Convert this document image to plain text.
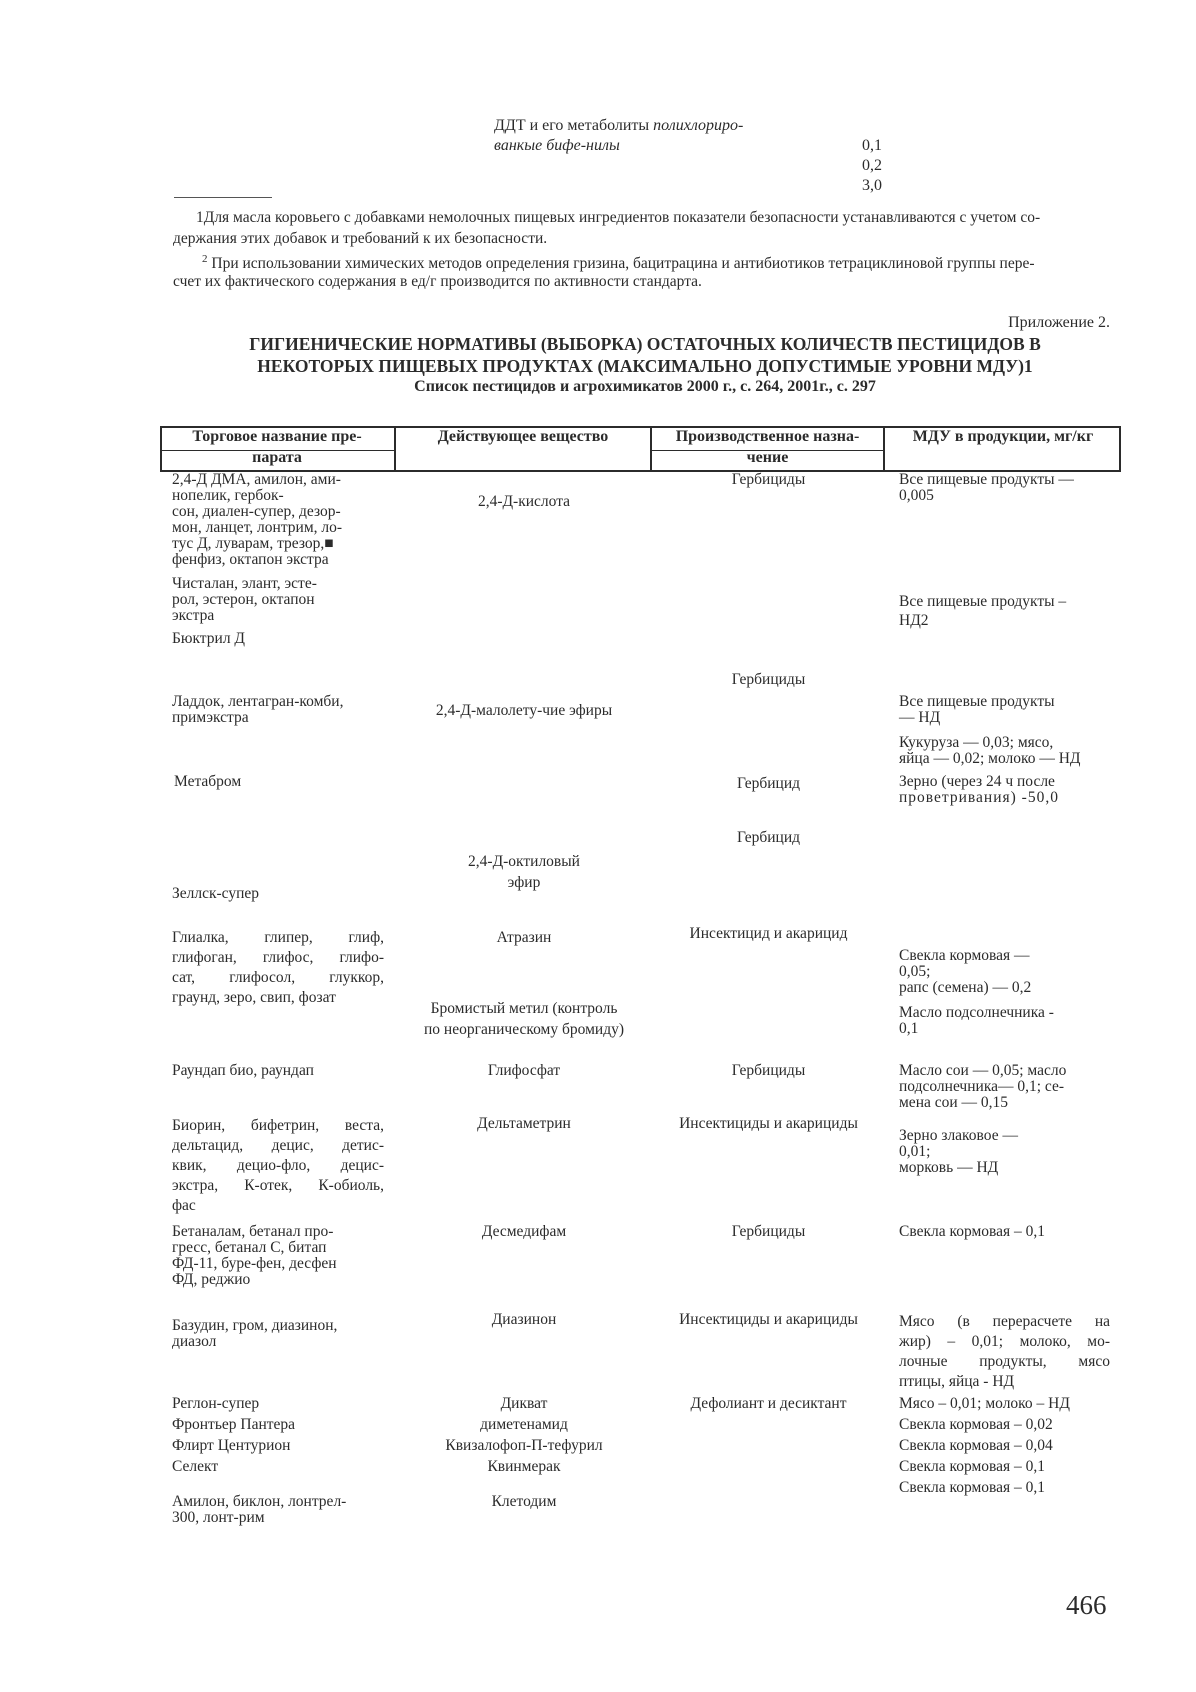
ДДТ и его метаболиты полихлориро-
ванкые бифе-нилы	0,1
0,2
3,0
1Для масла коровьего с добавками немолочных пищевых ингредиентов показатели безопасности устанавливаются с учетом со-
держания этих добавок и требований к их безопасности.
$^2$ При использовании химических методов определения гризина, бацитрацина и антибиотиков тетрациклиновой группы пере-
счет их фактического содержания в ед/г производится по активности стандарта.
Приложение 2.
ГИГИЕНИЧЕСКИЕ НОРМАТИВЫ (ВЫБОРКА) ОСТАТОЧНЫХ КОЛИЧЕСТВ ПЕСТИЦИДОВ В
НЕКОТОРЫХ ПИЩЕВЫХ ПРОДУКТАХ (МАКСИМАЛЬНО ДОПУСТИМЫЕ УРОВНИ МДУ)1
Список пестицидов и агрохимикатов 2000 г., с. 264, 2001г., с. 297
Торговое название пре-
парата
Действующее вещество	Производственное назна-
чение
МДУ в продукции, мг/кг
2,4-Д ДМА, амилон, ами-
нопелик, гербок-
сон, диален-супер, дезор-
мон, ланцет, лонтрим, ло-
тус Д, луварам, трезор,■
фенфиз, октапон экстра
Чисталан, элант, эсте-
рол, эстерон, октапон
экстра
Бюктрил Д
Ладдок, лентагран-комби,
примэкстра
Метабром
Зеллск-супер
Глиалка, глипер, глиф,
глифоган, глифос, глифо-
сат, глифосол, глуккор,
граунд, зеро, свип, фозат
Раундап био, раундап
Биорин, бифетрин, веста,
дельтацид, децис, детис-
квик, децио-фло, децис-
экстра, К-отек, К-обиоль,
фас
Бетаналам, бетанал про-
гресс, бетанал С, битап
ФД-11, буре-фен, десфен
ФД, реджио
Базудин, гром, диазинон,
диазол
Реглон-супер
Фронтьер Пантера
Флирт Центурион
Селект
Амилон, биклон, лонтрел-
300, лонт-рим
2,4-Д-кислота
2,4-Д-малолету-чие эфиры
2,4-Д-октиловый
эфир
Атразин
Бромистый метил (контроль
по неорганическому бромиду)
Глифосфат
Дельтаметрин
Десмедифам
Диазинон
Дикват
диметенамид
Квизалофоп-П-тефурил
Квинмерак
Клетодим
Гербициды
Гербициды
Гербицид
Гербицид
Инсектицид и акарицид
Гербициды
Инсектициды и акарициды
Гербициды
Инсектициды и акарициды
Дефолиант и десиктант
Все пищевые продукты —
0,005
Все пищевые продукты –
НД2
Все пищевые продукты
— НД
Кукуруза — 0,03; мясо,
яйца — 0,02; молоко — НД
Зерно (через 24 ч после
проветривания) -50,0
Свекла кормовая —
0,05;
рапс (семена) — 0,2
Масло подсолнечника -
0,1
Масло сои — 0,05; масло
подсолнечника— 0,1; се-
мена сои — 0,15
Зерно злаковое —
0,01;
морковь — НД
Свекла кормовая – 0,1
Мясо (в перерасчете на
жир) – 0,01; молоко, мо-
лочные продукты, мясо
птицы, яйца - НД
Мясо – 0,01; молоко – НД
Свекла кормовая – 0,02
Свекла кормовая – 0,04
Свекла кормовая – 0,1
Свекла кормовая – 0,1
466
